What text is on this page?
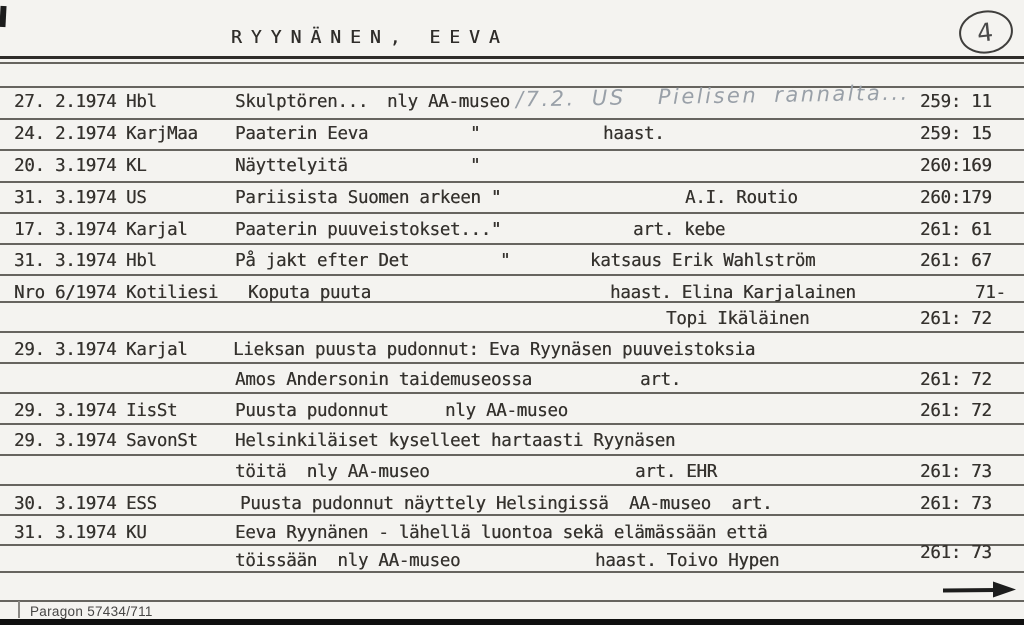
RYYNÄNEN, EEVA	4
27. 2.1974 Hbl	Skulptören... nly AA-museo	259: 11
/7.2. US  Pielisen rannalta...
24. 2.1974 KarjMaa Paaterin Eeva	"	haast.	259: 15
20. 3.1974 KL	Näyttelyitä	"	260:169
31. 3.1974 US	Pariisista Suomen arkeen "	A.I. Routio	260:179
17. 3.1974 Karjal	Paaterin puuveistokset..."	art. kebe	261: 61
31. 3.1974 Hbl	På jakt efter Det	"	katsaus Erik Wahlström	261: 67
Nro 6/1974 Kotiliesi Koputa puuta	haast. Elina Karjalainen	71-
Topi Ikäläinen	261: 72
29. 3.1974 Karjal	Lieksan puusta pudonnut: Eva Ryynäsen puuveistoksia
Amos Andersonin taidemuseossa	art.	261: 72
29. 3.1974 IisSt	Puusta pudonnut	nly AA-museo	261: 72
29. 3.1974 SavonSt Helsinkiläiset kyselleet hartaasti Ryynäsen
töitä  nly AA-museo	art. EHR	261: 73
30. 3.1974 ESS	Puusta pudonnut näyttely Helsingissä  AA-museo  art.	261: 73
31. 3.1974 KU	Eeva Ryynänen - lähellä luontoa sekä elämässään että
töissään  nly AA-museo	haast. Toivo Hypen	261: 73
Paragon 57434/711
